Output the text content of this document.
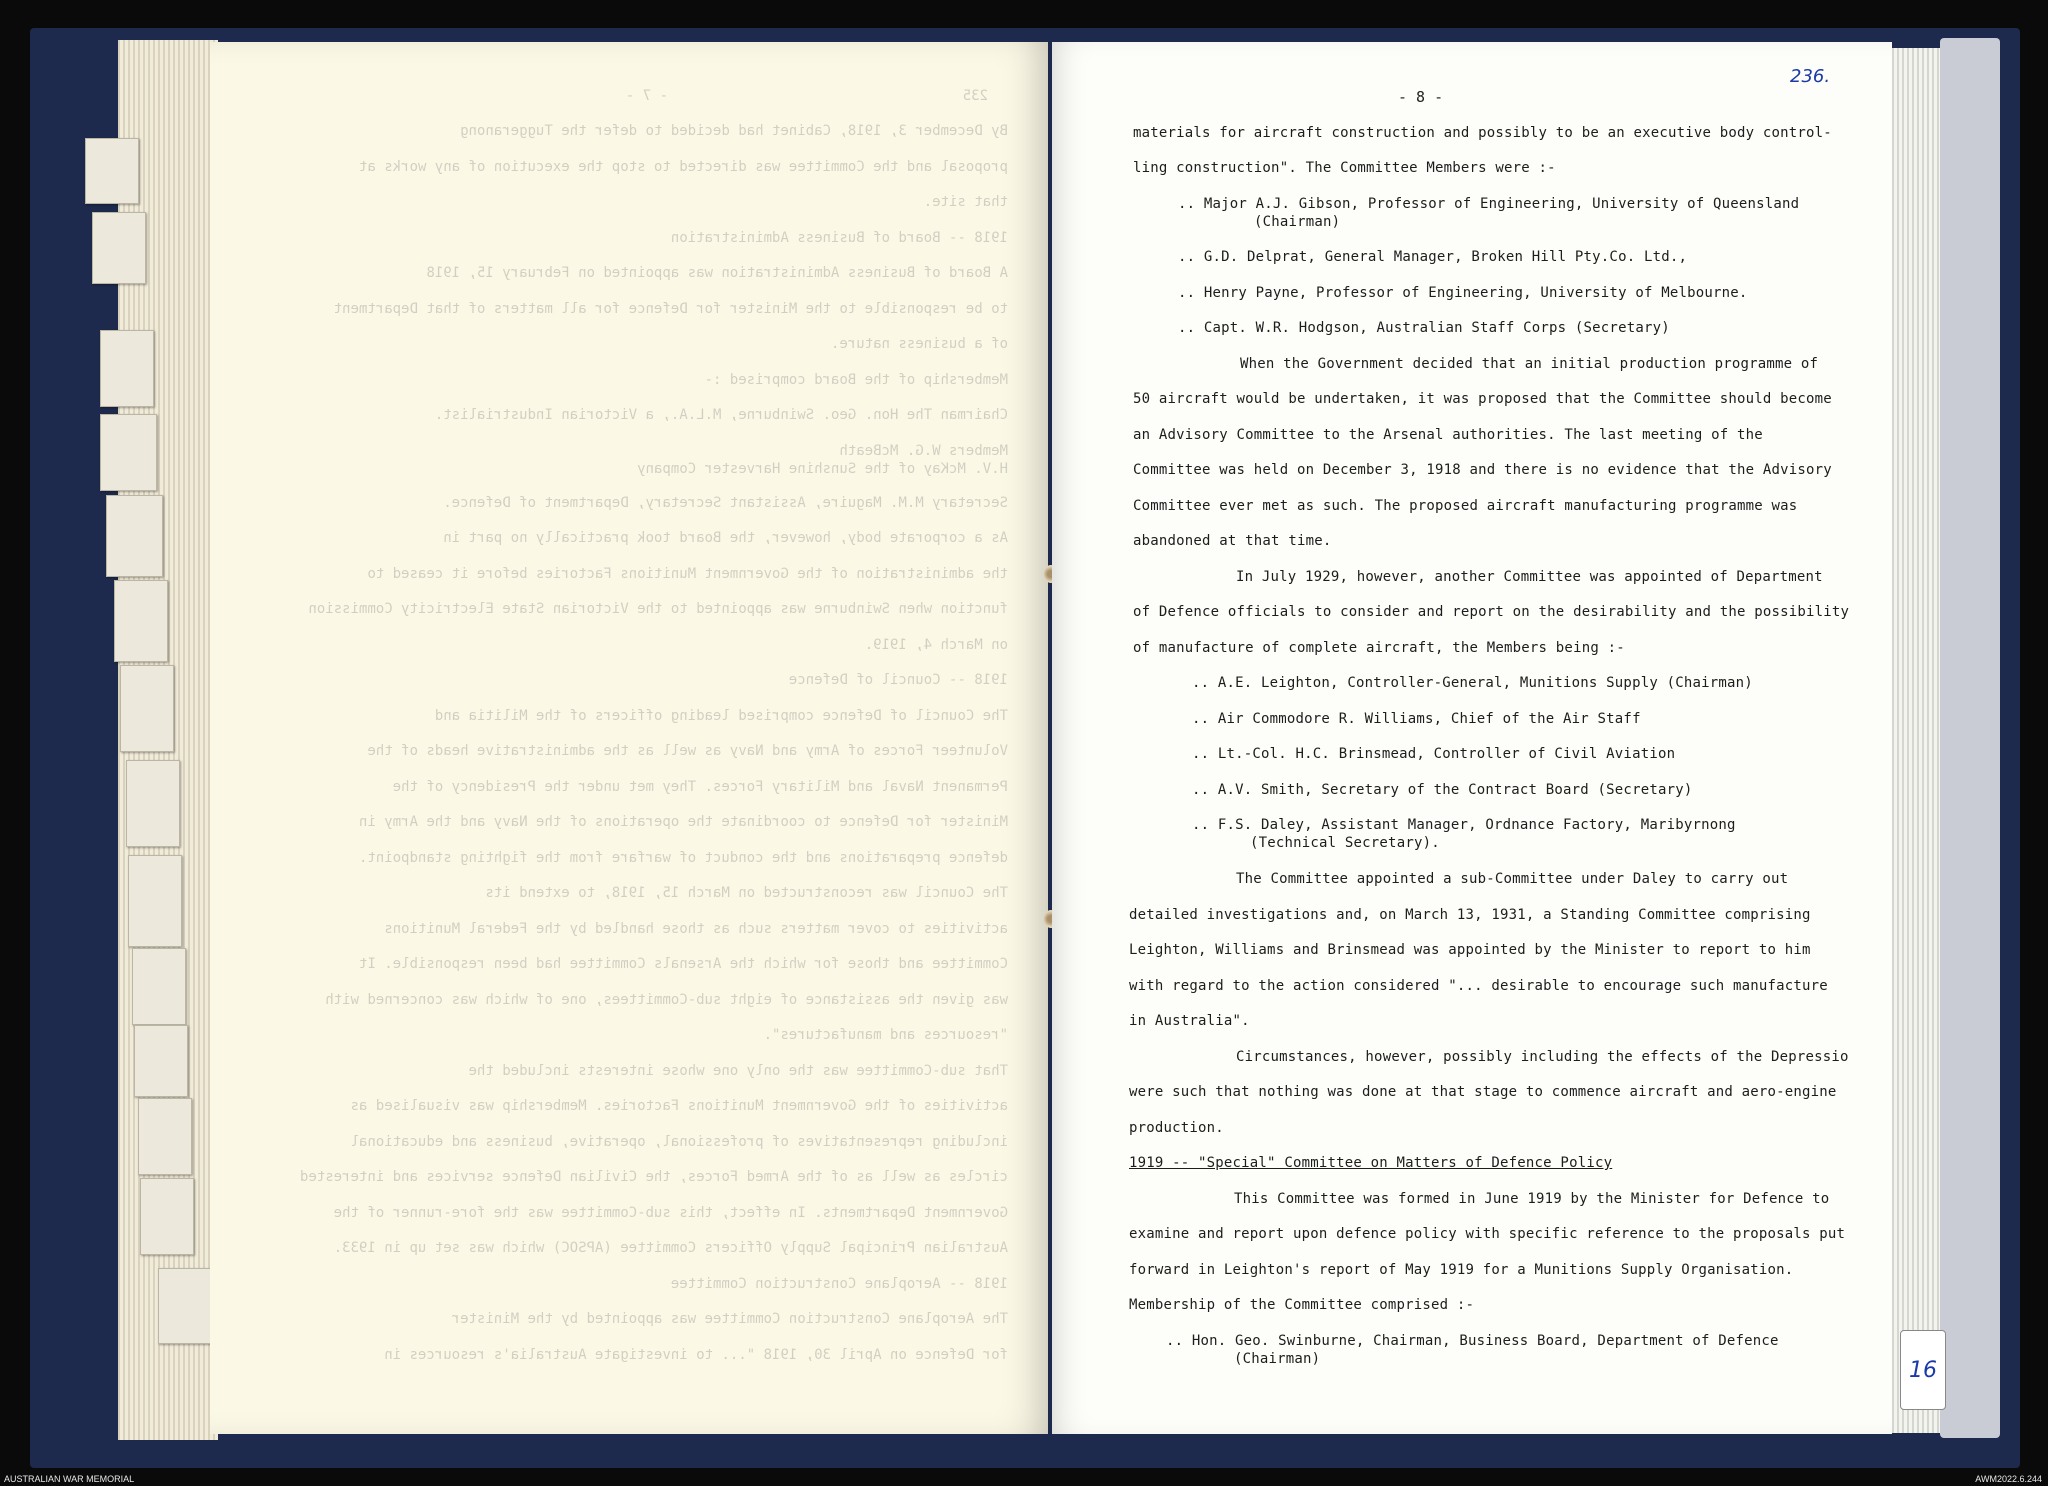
- 7 -	235
By December 3, 1918, Cabinet had decided to defer the Tuggeranong
proposal and the Committee was directed to stop the execution of any works at
that site.
1918 -- Board of Business Administration
A Board of Business Administration was appointed on February 15, 1918
to be responsible to the Minister for Defence for all matters of that Department
of a business nature.
Membership of the Board comprised :-
Chairman The Hon. Geo. Swinburne, M.L.A., a Victorian Industrialist.
Members W.G. McBeath
H.V. McKay of the Sunshine Harvester Company
Secretary M.M. Maguire, Assistant Secretary, Department of Defence.
As a corporate body, however, the Board took practically no part in
the administration of the Government Munitions Factories before it ceased to
function when Swinburne was appointed to the Victorian State Electricity Commission
on March 4, 1919.
1918 -- Council of Defence
The Council of Defence comprised leading officers of the Militia and
Volunteer Forces of Army and Navy as well as the administrative heads of the
Permanent Naval and Military Forces. They met under the Presidency of the
Minister for Defence to coordinate the operations of the Navy and the Army in
defence preparations and the conduct of warfare from the fighting standpoint.
The Council was reconstructed on March 15, 1918, to extend its
activities to cover matters such as those handled by the Federal Munitions
Committee and those for which the Arsenals Committee had been responsible. It
was given the assistance of eight sub-Committees, one of which was concerned with
"resources and manufactures".
That sub-Committee was the only one whose interests included the
activities of the Government Munitions Factories. Membership was visualised as
including representatives of professional, operative, business and educational
circles as well as of the Armed Forces, the Civilian Defence services and interested
Government Departments. In effect, this sub-Committee was the fore-runner of the
Australian Principal Supply Officers Committee (APSOC) which was set up in 1933.
1918 -- Aeroplane Construction Committee
The Aeroplane Construction Committee was appointed by the Minister
for Defence on April 30, 1918 "... to investigate Australia's resources in
- 8 -
236.
materials for aircraft construction and possibly to be an executive body control-
ling construction". The Committee Members were :-
.. Major A.J. Gibson, Professor of Engineering, University of Queensland
(Chairman)
.. G.D. Delprat, General Manager, Broken Hill Pty.Co. Ltd.,
.. Henry Payne, Professor of Engineering, University of Melbourne.
.. Capt. W.R. Hodgson, Australian Staff Corps (Secretary)
When the Government decided that an initial production programme of
50 aircraft would be undertaken, it was proposed that the Committee should become
an Advisory Committee to the Arsenal authorities. The last meeting of the
Committee was held on December 3, 1918 and there is no evidence that the Advisory
Committee ever met as such. The proposed aircraft manufacturing programme was
abandoned at that time.
In July 1929, however, another Committee was appointed of Department
of Defence officials to consider and report on the desirability and the possibility
of manufacture of complete aircraft, the Members being :-
.. A.E. Leighton, Controller-General, Munitions Supply (Chairman)
.. Air Commodore R. Williams, Chief of the Air Staff
.. Lt.-Col. H.C. Brinsmead, Controller of Civil Aviation
.. A.V. Smith, Secretary of the Contract Board (Secretary)
.. F.S. Daley, Assistant Manager, Ordnance Factory, Maribyrnong
(Technical Secretary).
The Committee appointed a sub-Committee under Daley to carry out
detailed investigations and, on March 13, 1931, a Standing Committee comprising
Leighton, Williams and Brinsmead was appointed by the Minister to report to him
with regard to the action considered "... desirable to encourage such manufacture
in Australia".
Circumstances, however, possibly including the effects of the Depressio
were such that nothing was done at that stage to commence aircraft and aero-engine
production.
1919 -- "Special" Committee on Matters of Defence Policy
This Committee was formed in June 1919 by the Minister for Defence to
examine and report upon defence policy with specific reference to the proposals put
forward in Leighton's report of May 1919 for a Munitions Supply Organisation.
Membership of the Committee comprised :-
.. Hon. Geo. Swinburne, Chairman, Business Board, Department of Defence
(Chairman)	16
AUSTRALIAN WAR MEMORIAL	AWM2022.6.244
